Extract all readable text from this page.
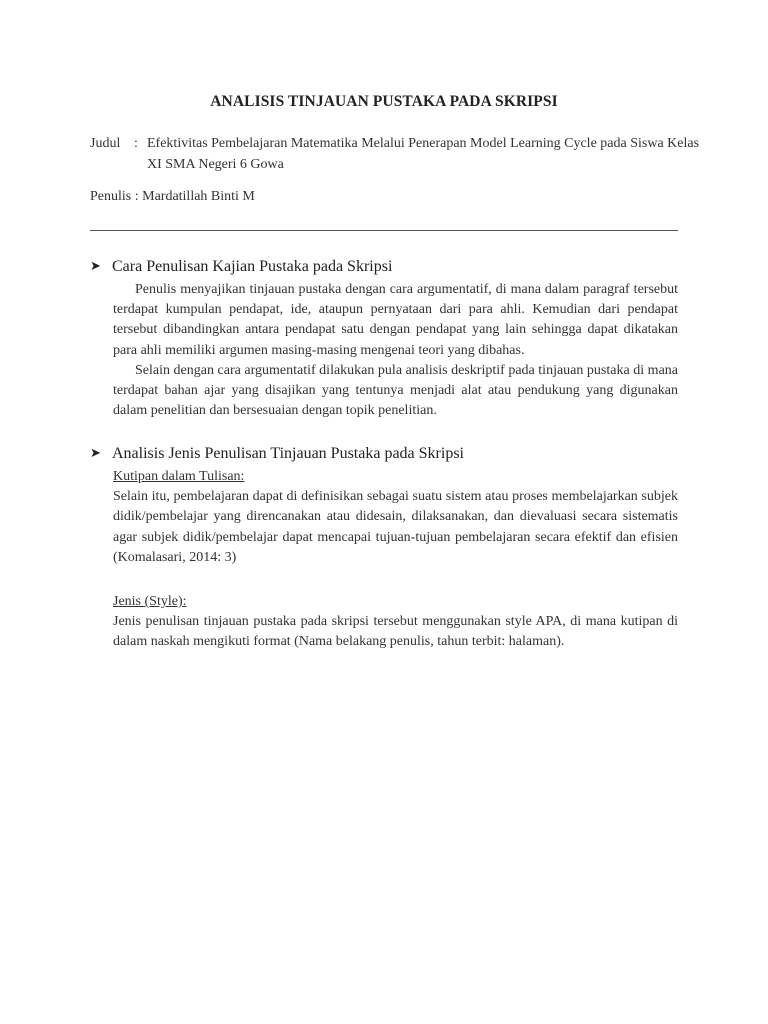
ANALISIS TINJAUAN PUSTAKA PADA SKRIPSI
Judul : Efektivitas Pembelajaran Matematika Melalui Penerapan Model Learning Cycle pada Siswa Kelas XI SMA Negeri 6 Gowa
Penulis : Mardatillah Binti M
➤ Cara Penulisan Kajian Pustaka pada Skripsi

Penulis menyajikan tinjauan pustaka dengan cara argumentatif, di mana dalam paragraf tersebut terdapat kumpulan pendapat, ide, ataupun pernyataan dari para ahli. Kemudian dari pendapat tersebut dibandingkan antara pendapat satu dengan pendapat yang lain sehingga dapat dikatakan para ahli memiliki argumen masing-masing mengenai teori yang dibahas.

Selain dengan cara argumentatif dilakukan pula analisis deskriptif pada tinjauan pustaka di mana terdapat bahan ajar yang disajikan yang tentunya menjadi alat atau pendukung yang digunakan dalam penelitian dan bersesuaian dengan topik penelitian.

➤ Analisis Jenis Penulisan Tinjauan Pustaka pada Skripsi
Kutipan dalam Tulisan:

Selain itu, pembelajaran dapat di definisikan sebagai suatu sistem atau proses membelajarkan subjek didik/pembelajar yang direncanakan atau didesain, dilaksanakan, dan dievaluasi secara sistematis agar subjek didik/pembelajar dapat mencapai tujuan-tujuan pembelajaran secara efektif dan efisien (Komalasari, 2014: 3)

Jenis (Style):

Jenis penulisan tinjauan pustaka pada skripsi tersebut menggunakan style APA, di mana kutipan di dalam naskah mengikuti format (Nama belakang penulis, tahun terbit: halaman).
